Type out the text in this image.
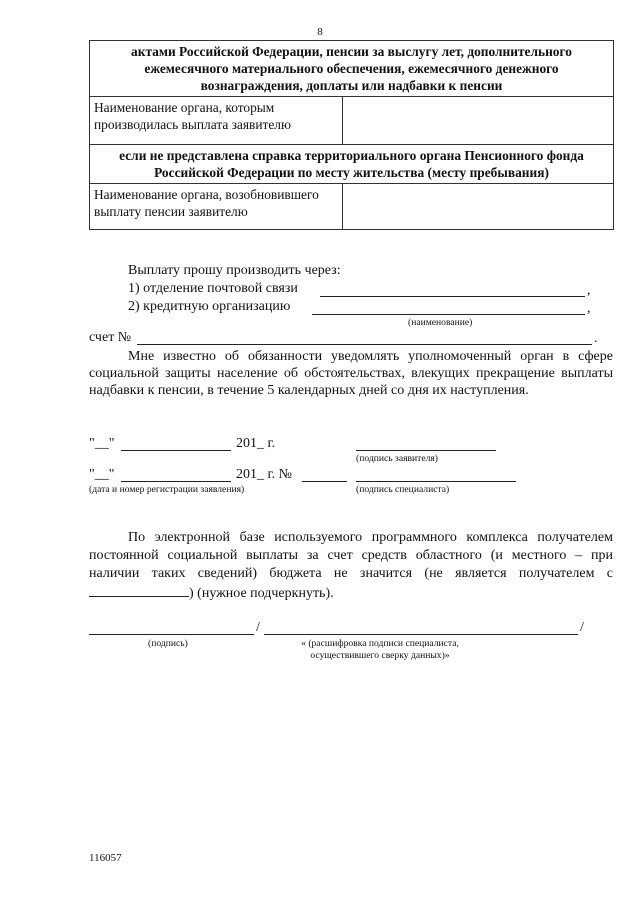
8
актами Российской Федерации, пенсии за выслугу лет, дополнительного ежемесячного материального обеспечения, ежемесячного денежного вознаграждения, доплаты или надбавки к пенсии	
Наименование органа, которым производилась выплата заявителю	
если не представлена справка территориального органа Пенсионного фонда Российской Федерации по месту жительства (месту пребывания)	
Наименование органа, возобновившего выплату пенсии заявителю	
Выплату прошу производить через:
1) отделение почтовой связи	,
2) кредитную организацию	,
(наименование)
счет №	.
Мне известно об обязанности уведомлять уполномоченный орган в сфере социальной защиты население об обстоятельствах, влекущих прекращение выплаты надбавки к пенсии, в течение 5 календарных дней со дня их наступления.
"__"	201_ г.
(подпись заявителя)
"__"	201_ г. №
(дата и номер регистрации заявления)	(подпись специалиста)
По электронной базе используемого программного комплекса получателем постоянной социальной выплаты за счет средств областного (и местного – при наличии таких сведений) бюджета не значится (не является получателем с ) (нужное подчеркнуть).
/	/
(подпись)	« (расшифровка подписи специалиста,
осуществившего сверку данных)»
116057
